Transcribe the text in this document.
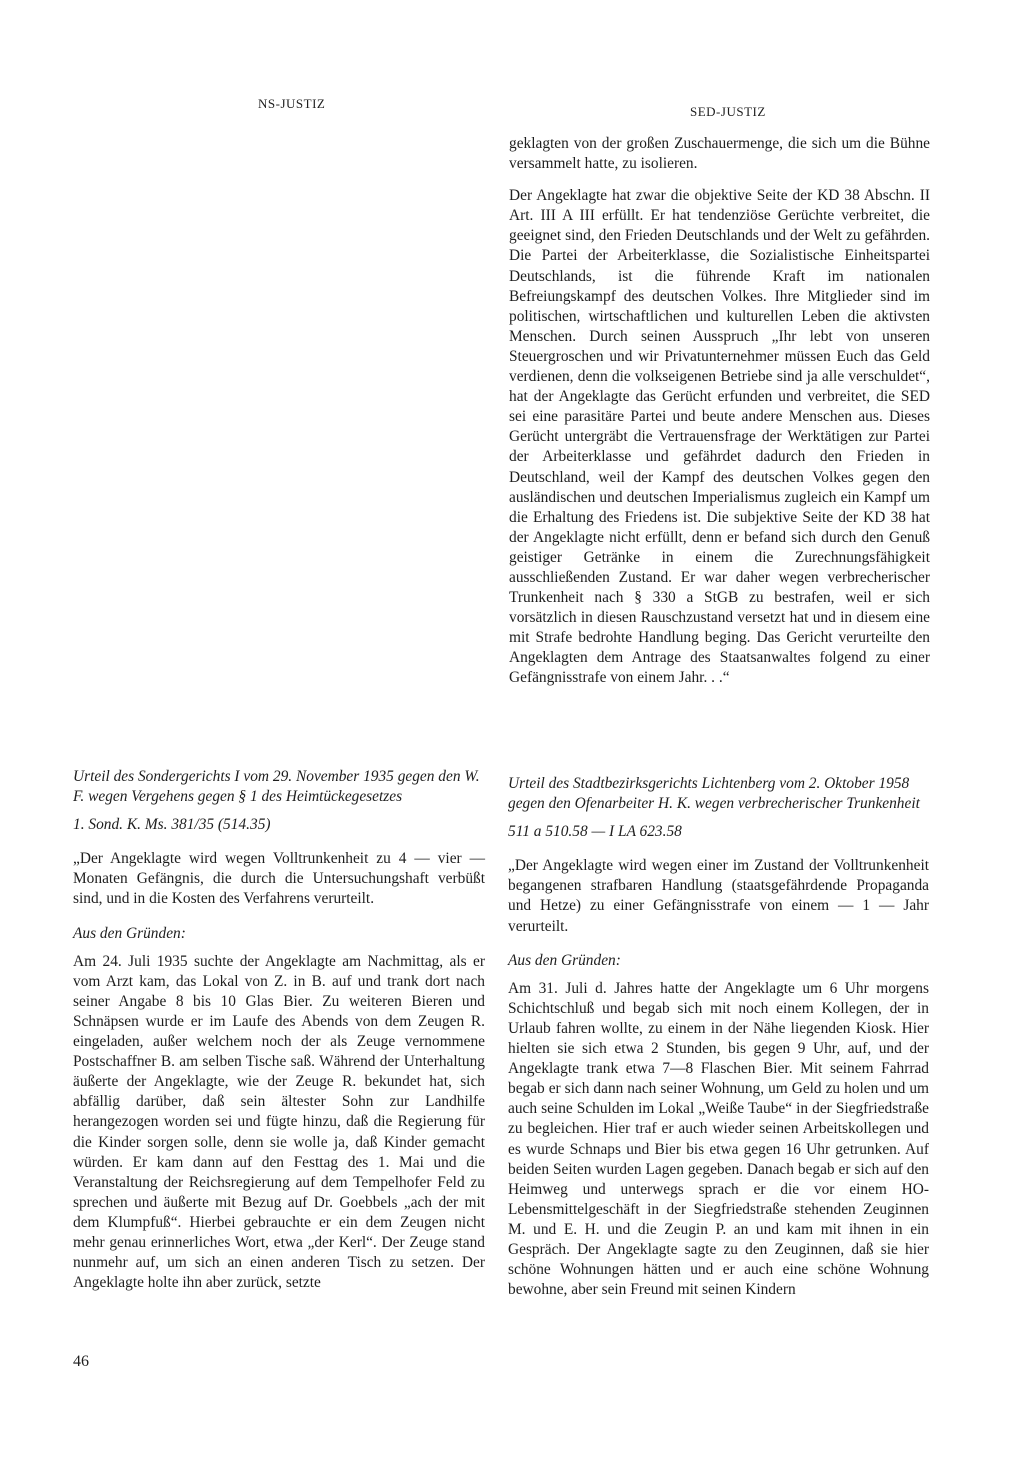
NS-JUSTIZ

SED-JUSTIZ

geklagten von der großen Zuschauermenge, die sich um die Bühne versammelt hatte, zu isolieren.

Der Angeklagte hat zwar die objektive Seite der KD 38 Abschn. II Art. III A III erfüllt. Er hat tendenziöse Gerüchte verbreitet, die geeignet sind, den Frieden Deutschlands und der Welt zu gefährden. Die Partei der Arbeiterklasse, die Sozialistische Einheitspartei Deutschlands, ist die führende Kraft im nationalen Befreiungskampf des deutschen Volkes. Ihre Mitglieder sind im politischen, wirtschaftlichen und kulturellen Leben die aktivsten Menschen. Durch seinen Ausspruch „Ihr lebt von unseren Steuergroschen und wir Privatunternehmer müssen Euch das Geld verdienen, denn die volkseigenen Betriebe sind ja alle verschuldet“, hat der Angeklagte das Gerücht erfunden und verbreitet, die SED sei eine parasitäre Partei und beute andere Menschen aus. Dieses Gerücht untergräbt die Vertrauensfrage der Werktätigen zur Partei der Arbeiterklasse und gefährdet dadurch den Frieden in Deutschland, weil der Kampf des deutschen Volkes gegen den ausländischen und deutschen Imperialismus zugleich ein Kampf um die Erhaltung des Friedens ist. Die subjektive Seite der KD 38 hat der Angeklagte nicht erfüllt, denn er befand sich durch den Genuß geistiger Getränke in einem die Zurechnungsfähigkeit ausschließenden Zustand. Er war daher wegen verbrecherischer Trunkenheit nach § 330 a StGB zu bestrafen, weil er sich vorsätzlich in diesen Rauschzustand versetzt hat und in diesem eine mit Strafe bedrohte Handlung beging. Das Gericht verurteilte den Angeklagten dem Antrage des Staatsanwaltes folgend zu einer Gefängnisstrafe von einem Jahr. . .“

Urteil des Sondergerichts I vom 29. November 1935 gegen den W. F. wegen Vergehens gegen § 1 des Heimtückegesetzes

1. Sond. K. Ms. 381/35 (514.35)

„Der Angeklagte wird wegen Volltrunkenheit zu 4 — vier — Monaten Gefängnis, die durch die Untersuchungshaft verbüßt sind, und in die Kosten des Verfahrens verurteilt.

Aus den Gründen:

Am 24. Juli 1935 suchte der Angeklagte am Nachmittag, als er vom Arzt kam, das Lokal von Z. in B. auf und trank dort nach seiner Angabe 8 bis 10 Glas Bier. Zu weiteren Bieren und Schnäpsen wurde er im Laufe des Abends von dem Zeugen R. eingeladen, außer welchem noch der als Zeuge vernommene Postschaffner B. am selben Tische saß. Während der Unterhaltung äußerte der Angeklagte, wie der Zeuge R. bekundet hat, sich abfällig darüber, daß sein ältester Sohn zur Landhilfe herangezogen worden sei und fügte hinzu, daß die Regierung für die Kinder sorgen solle, denn sie wolle ja, daß Kinder gemacht würden. Er kam dann auf den Festtag des 1. Mai und die Veranstaltung der Reichsregierung auf dem Tempelhofer Feld zu sprechen und äußerte mit Bezug auf Dr. Goebbels „ach der mit dem Klumpfuß“. Hierbei gebrauchte er ein dem Zeugen nicht mehr genau erinnerliches Wort, etwa „der Kerl“. Der Zeuge stand nunmehr auf, um sich an einen anderen Tisch zu setzen. Der Angeklagte holte ihn aber zurück, setzte

Urteil des Stadtbezirksgerichts Lichtenberg vom 2. Oktober 1958 gegen den Ofenarbeiter H. K. wegen verbrecherischer Trunkenheit

511 a 510.58 — I LA 623.58

„Der Angeklagte wird wegen einer im Zustand der Volltrunkenheit begangenen strafbaren Handlung (staatsgefährdende Propaganda und Hetze) zu einer Gefängnisstrafe von einem — 1 — Jahr verurteilt.

Aus den Gründen:

Am 31. Juli d. Jahres hatte der Angeklagte um 6 Uhr morgens Schichtschluß und begab sich mit noch einem Kollegen, der in Urlaub fahren wollte, zu einem in der Nähe liegenden Kiosk. Hier hielten sie sich etwa 2 Stunden, bis gegen 9 Uhr, auf, und der Angeklagte trank etwa 7—8 Flaschen Bier. Mit seinem Fahrrad begab er sich dann nach seiner Wohnung, um Geld zu holen und um auch seine Schulden im Lokal „Weiße Taube“ in der Siegfriedstraße zu begleichen. Hier traf er auch wieder seinen Arbeitskollegen und es wurde Schnaps und Bier bis etwa gegen 16 Uhr getrunken. Auf beiden Seiten wurden Lagen gegeben. Danach begab er sich auf den Heimweg und unterwegs sprach er die vor einem HO-Lebensmittelgeschäft in der Siegfriedstraße stehenden Zeuginnen M. und E. H. und die Zeugin P. an und kam mit ihnen in ein Gespräch. Der Angeklagte sagte zu den Zeuginnen, daß sie hier schöne Wohnungen hätten und er auch eine schöne Wohnung bewohne, aber sein Freund mit seinen Kindern

46
